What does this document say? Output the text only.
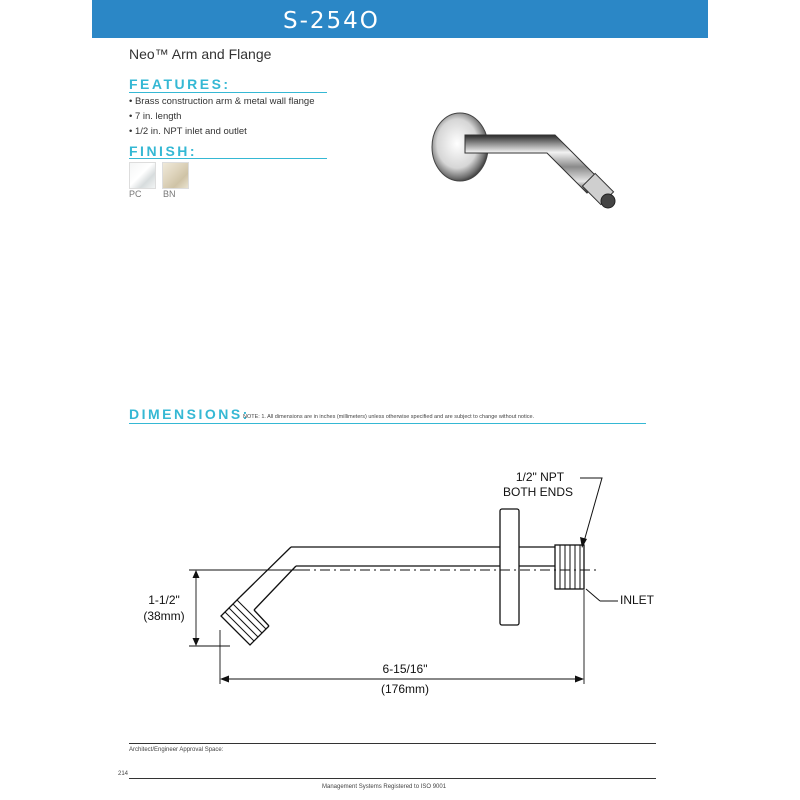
S-254O
Neo™ Arm and Flange
FEATURES:
• Brass construction arm & metal wall flange
• 7 in. length
• 1/2 in. NPT inlet and outlet
FINISH:
PC BN
DIMENSIONS:
NOTE: 1. All dimensions are in inches (millimeters) unless otherwise specified and are subject to change without notice.
1/2" NPT
BOTH ENDS
INLET
1-1/2"
(38mm)
6-15/16"
(176mm)
Architect/Engineer Approval Space:
214
Management Systems Registered to ISO 9001
